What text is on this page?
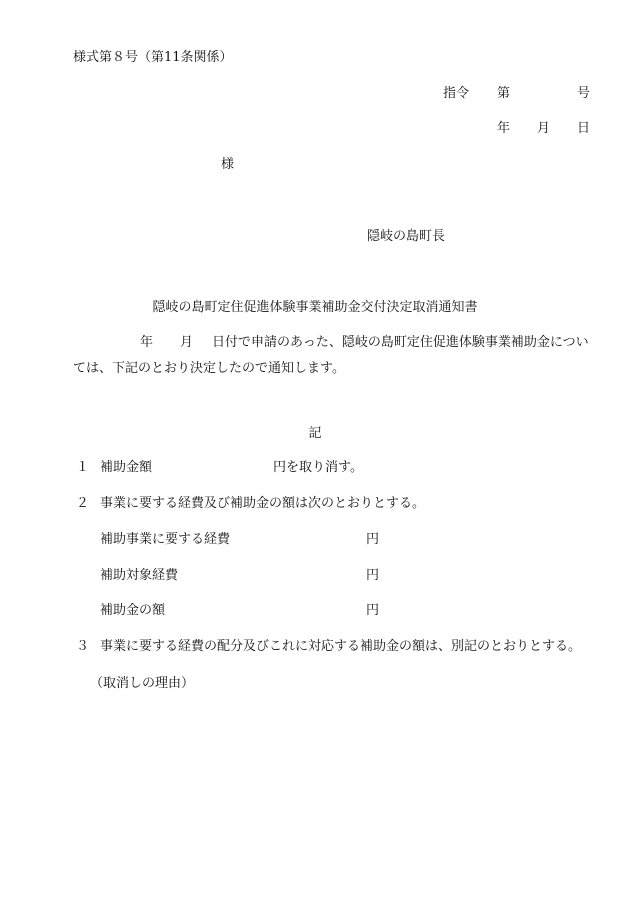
様式第８号（第11条関係）
指令 第	号
年 月 日
様
隠岐の島町長
隠岐の島町定住促進体験事業補助金交付決定取消通知書
年 月 日付で申請のあった、隠岐の島町定住促進体験事業補助金については、下記のとおり決定したので通知します。
記
１ 補助金額	円を取り消す。
２ 事業に要する経費及び補助金の額は次のとおりとする。
補助事業に要する経費	円
補助対象経費	円
補助金の額	円
３ 事業に要する経費の配分及びこれに対応する補助金の額は、別記のとおりとする。
（取消しの理由）
